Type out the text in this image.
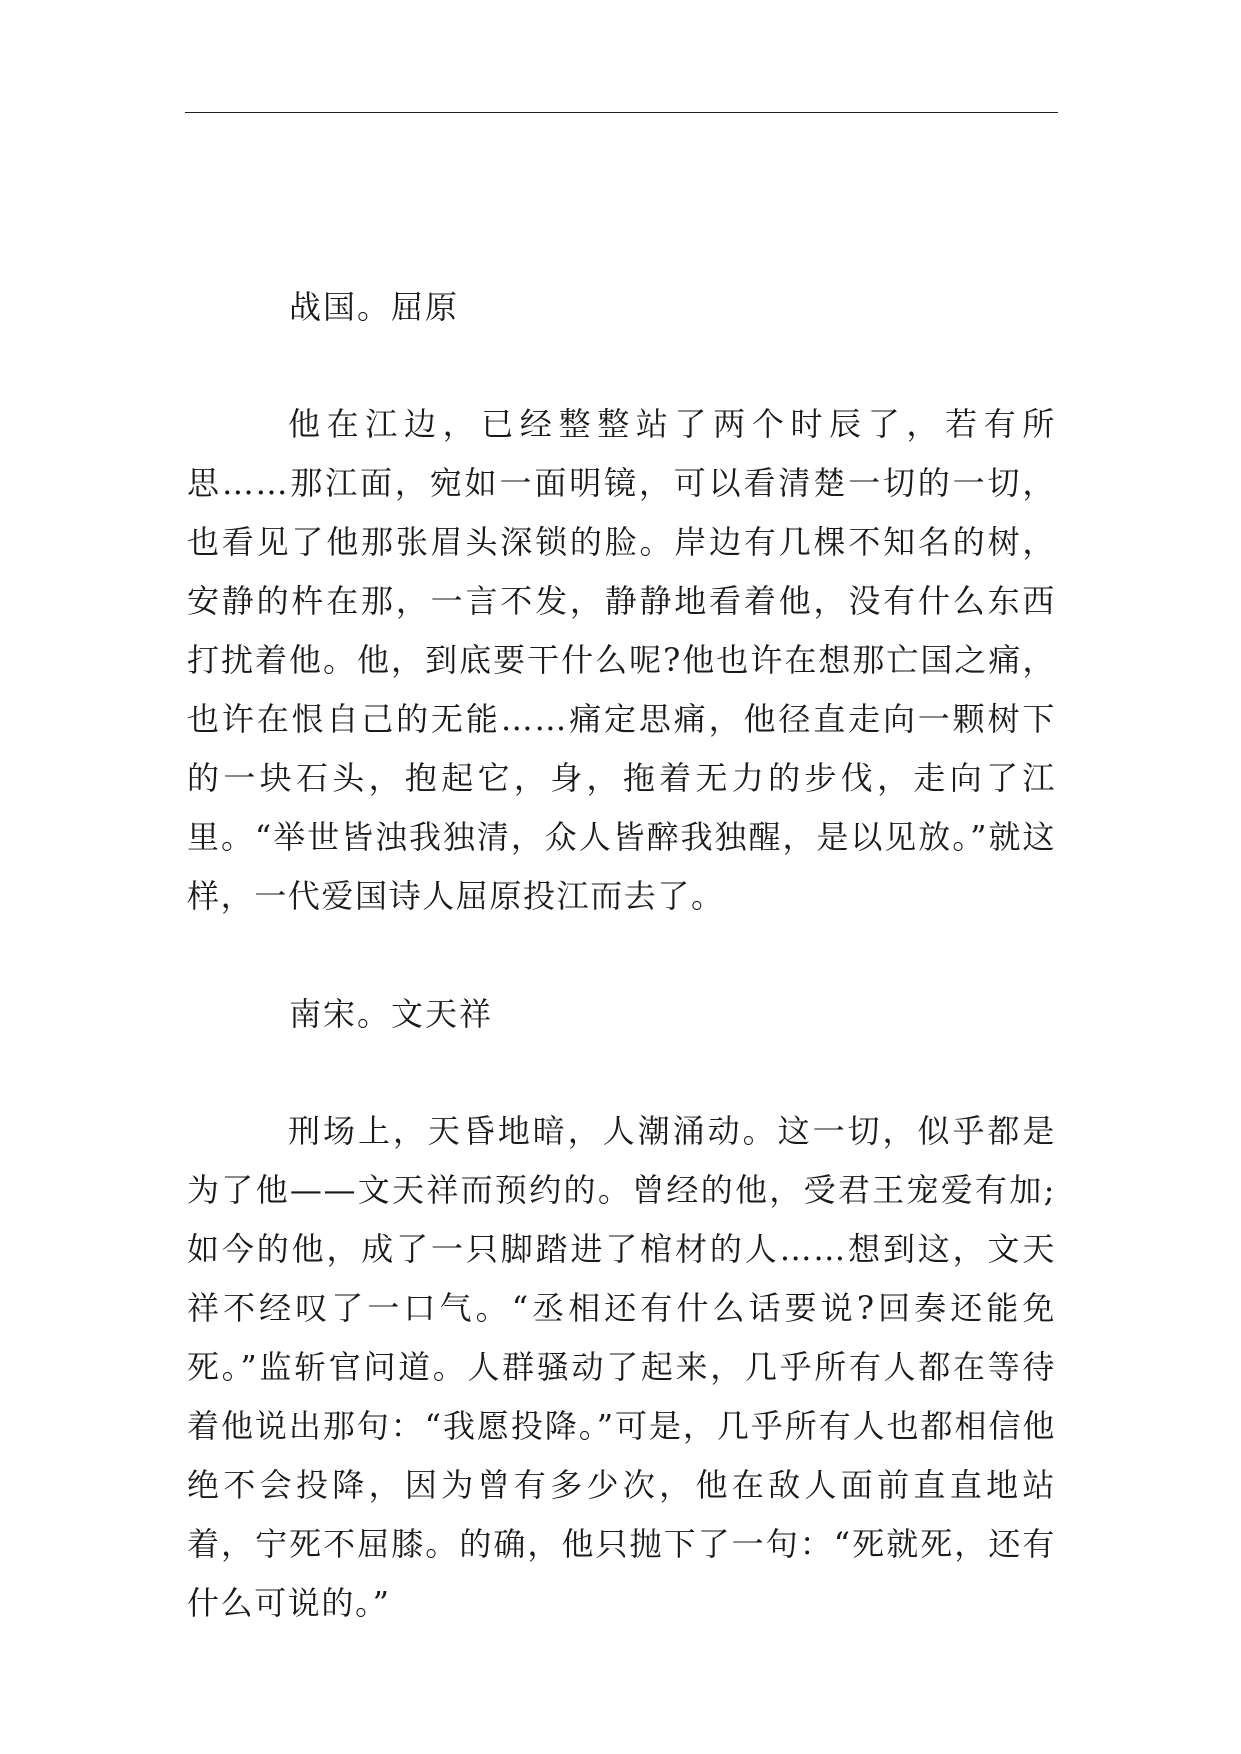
战国。屈原

他在江边，已经整整站了两个时辰了，若有所思……那江面，宛如一面明镜，可以看清楚一切的一切，也看见了他那张眉头深锁的脸。岸边有几棵不知名的树，安静的杵在那，一言不发，静静地看着他，没有什么东西打扰着他。他，到底要干什么呢?他也许在想那亡国之痛，也许在恨自己的无能……痛定思痛，他径直走向一颗树下的一块石头，抱起它，身，拖着无力的步伐，走向了江里。“举世皆浊我独清，众人皆醉我独醒，是以见放。”就这样，一代爱国诗人屈原投江而去了。

南宋。文天祥

刑场上，天昏地暗，人潮涌动。这一切，似乎都是为了他——文天祥而预约的。曾经的他，受君王宠爱有加;如今的他，成了一只脚踏进了棺材的人……想到这，文天祥不经叹了一口气。“丞相还有什么话要说?回奏还能免死。”监斩官问道。人群骚动了起来，几乎所有人都在等待着他说出那句：“我愿投降。”可是，几乎所有人也都相信他绝不会投降，因为曾有多少次，他在敌人面前直直地站着，宁死不屈膝。的确，他只抛下了一句：“死就死，还有什么可说的。”
